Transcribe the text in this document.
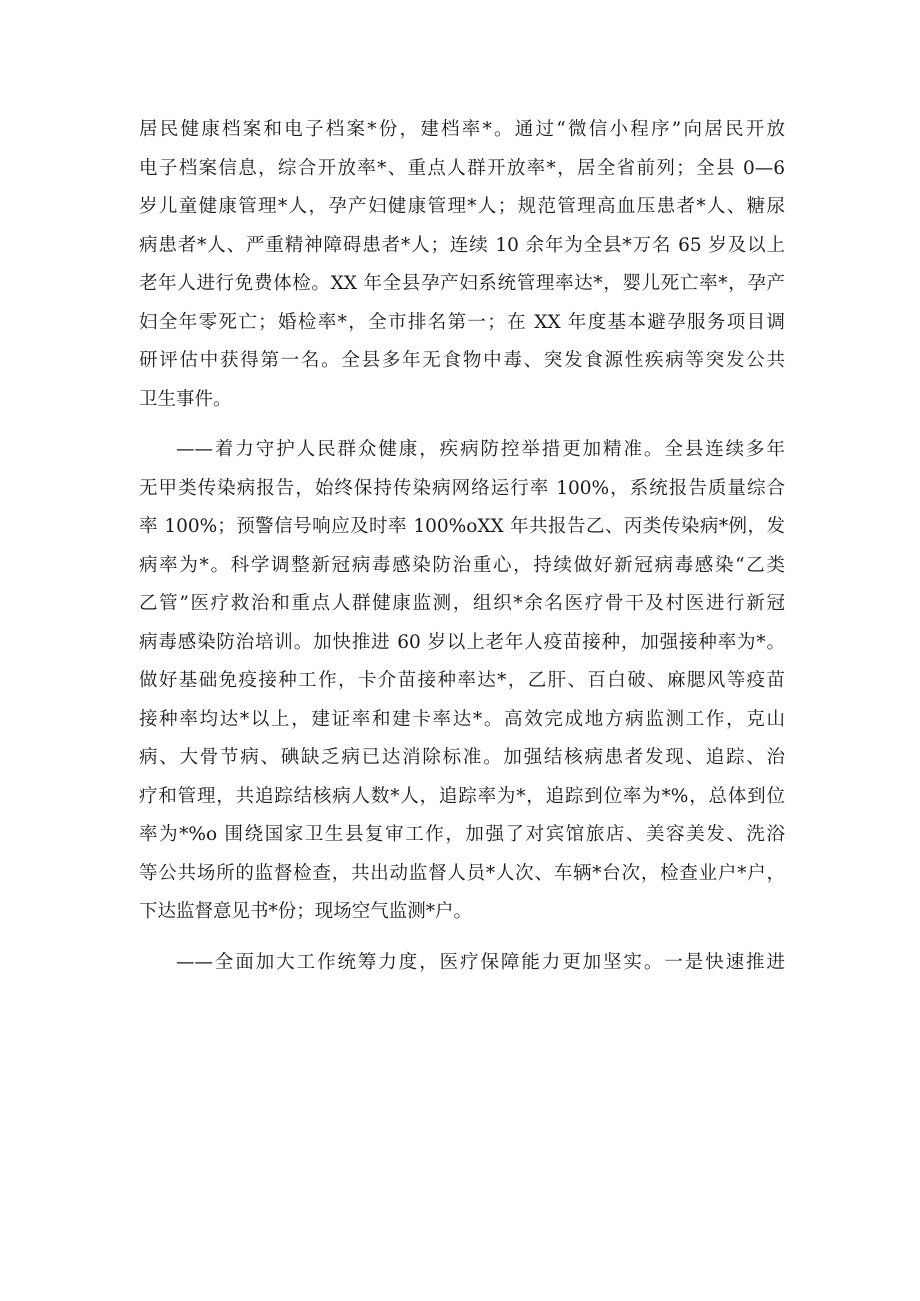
居民健康档案和电子档案*份，建档率*。通过“微信小程序”向居民开放
电子档案信息，综合开放率*、重点人群开放率*，居全省前列；全县 0—6
岁儿童健康管理*人，孕产妇健康管理*人；规范管理高血压患者*人、糖尿
病患者*人、严重精神障碍患者*人；连续 10 余年为全县*万名 65 岁及以上
老年人进行免费体检。XX 年全县孕产妇系统管理率达*，婴儿死亡率*，孕产
妇全年零死亡；婚检率*，全市排名第一；在 XX 年度基本避孕服务项目调
研评估中获得第一名。全县多年无食物中毒、突发食源性疾病等突发公共
卫生事件。
——着力守护人民群众健康，疾病防控举措更加精准。全县连续多年
无甲类传染病报告，始终保持传染病网络运行率 100%，系统报告质量综合
率 100%；预警信号响应及时率 100%oXX 年共报告乙、丙类传染病*例，发
病率为*。科学调整新冠病毒感染防治重心，持续做好新冠病毒感染“乙类
乙管”医疗救治和重点人群健康监测，组织*余名医疗骨干及村医进行新冠
病毒感染防治培训。加快推进 60 岁以上老年人疫苗接种，加强接种率为*。
做好基础免疫接种工作，卡介苗接种率达*，乙肝、百白破、麻腮风等疫苗
接种率均达*以上，建证率和建卡率达*。高效完成地方病监测工作，克山
病、大骨节病、碘缺乏病已达消除标准。加强结核病患者发现、追踪、治
疗和管理，共追踪结核病人数*人，追踪率为*，追踪到位率为*%，总体到位
率为*%o 围绕国家卫生县复审工作，加强了对宾馆旅店、美容美发、洗浴
等公共场所的监督检查，共出动监督人员*人次、车辆*台次，检查业户*户，
下达监督意见书*份；现场空气监测*户。
——全面加大工作统筹力度，医疗保障能力更加坚实。一是快速推进
